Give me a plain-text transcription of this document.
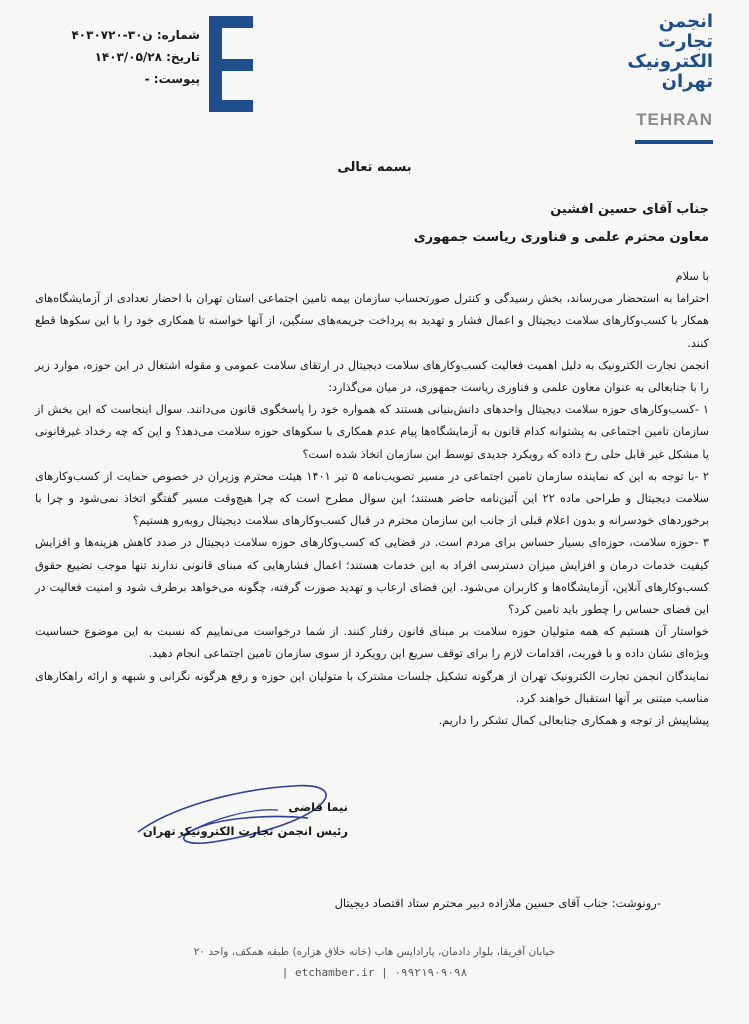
شماره: ن۳۰-۴۰۳۰۷۲۰
تاریخ: ۱۴۰۳/۰۵/۲۸
پیوست: -
انجمن
تجارت
الکترونیک
تهران
TEHRAN
بسمه تعالی
جناب آقای حسین افشین
معاون محترم علمی و فناوری ریاست جمهوری

با سلام

احتراما به استحضار می‌رساند، بخش رسیدگی و کنترل صورتحساب سازمان بیمه تامین اجتماعی استان تهران با احضار تعدادی از آزمایشگاه‌های همکار با کسب‌وکارهای سلامت دیجیتال و اعمال فشار و تهدید به پرداخت جریمه‌های سنگین، از آنها خواسته تا همکاری خود را با این سکوها قطع کنند.

انجمن تجارت الکترونیک به دلیل اهمیت فعالیت کسب‌وکارهای سلامت دیجیتال در ارتقای سلامت عمومی و مقوله اشتغال در این حوزه، موارد زیر را با جنابعالی به عنوان معاون علمی و فناوری ریاست جمهوری، در میان می‌گذارد:

۱ -کسب‌وکارهای حوزه سلامت دیجیتال واحدهای دانش‌بنیانی هستند که همواره خود را پاسخگوی قانون می‌دانند. سوال اینجاست که این بخش از سازمان تامین اجتماعی به پشتوانه کدام قانون به آزمایشگاه‌ها پیام عدم همکاری با سکوهای حوزه سلامت می‌دهد؟ و این که چه رخداد غیرقانونی یا مشکل غیر قابل حلی رخ داده که رویکرد جدیدی توسط این سازمان اتخاذ شده است؟

۲ -با توجه به این که نماینده سازمان تامین اجتماعی در مسیر تصویب‌نامه ۵ تیر ۱۴۰۱ هیئت محترم وزیران در خصوص حمایت از کسب‌وکارهای سلامت دیجیتال و طراحی ماده ۲۲ این آئین‌نامه حاضر هستند؛ این سوال مطرح است که چرا هیچ‌وقت مسیر گفتگو اتخاذ نمی‌شود و چرا با برخوردهای خودسرانه و بدون اعلام قبلی از جانب این سازمان محترم در قبال کسب‌وکارهای سلامت دیجیتال روبه‌رو هستیم؟

۳ -حوزه سلامت، حوزه‌ای بسیار حساس برای مردم است. در فضایی که کسب‌وکارهای حوزه سلامت دیجیتال در صدد کاهش هزینه‌ها و افزایش کیفیت خدمات درمان و افزایش میزان دسترسی افراد به این خدمات هستند؛ اعمال فشارهایی که مبنای قانونی ندارند تنها موجب تضییع حقوق کسب‌وکارهای آنلاین، آزمایشگاه‌ها و کاربران می‌شود. این فضای ارعاب و تهدید صورت گرفته، چگونه می‌خواهد برطرف شود و امنیت فعالیت در این فضای حساس را چطور باید تامین کرد؟

خواستار آن هستیم که همه متولیان حوزه سلامت بر مبنای قانون رفتار کنند. از شما درخواست می‌نماییم که نسبت به این موضوع حساسیت ویژه‌ای نشان داده و با فوریت، اقدامات لازم را برای توقف سریع این رویکرد از سوی سازمان تامین اجتماعی انجام دهید.

نمایندگان انجمن تجارت الکترونیک تهران از هرگونه تشکیل جلسات مشترک با متولیان این حوزه و رفع هرگونه نگرانی و شبهه و ارائه راهکارهای مناسب مبتنی بر آنها استقبال خواهند کرد.

پیشاپیش از توجه و همکاری جنابعالی کمال تشکر را داریم.

نیما قاضی
رئیس انجمن تجارت الکترونیک تهران
-رونوشت: جناب آقای حسین ملازاده دبیر محترم ستاد اقتصاد دیجیتال
خیابان آفریقا، بلوار دادمان، پارادایس هاب (خانه خلاق هزاره) طبقه همکف، واحد ۲۰
| etchamber.ir | ۰۹۹۲۱۹۰۹۰۹۸
